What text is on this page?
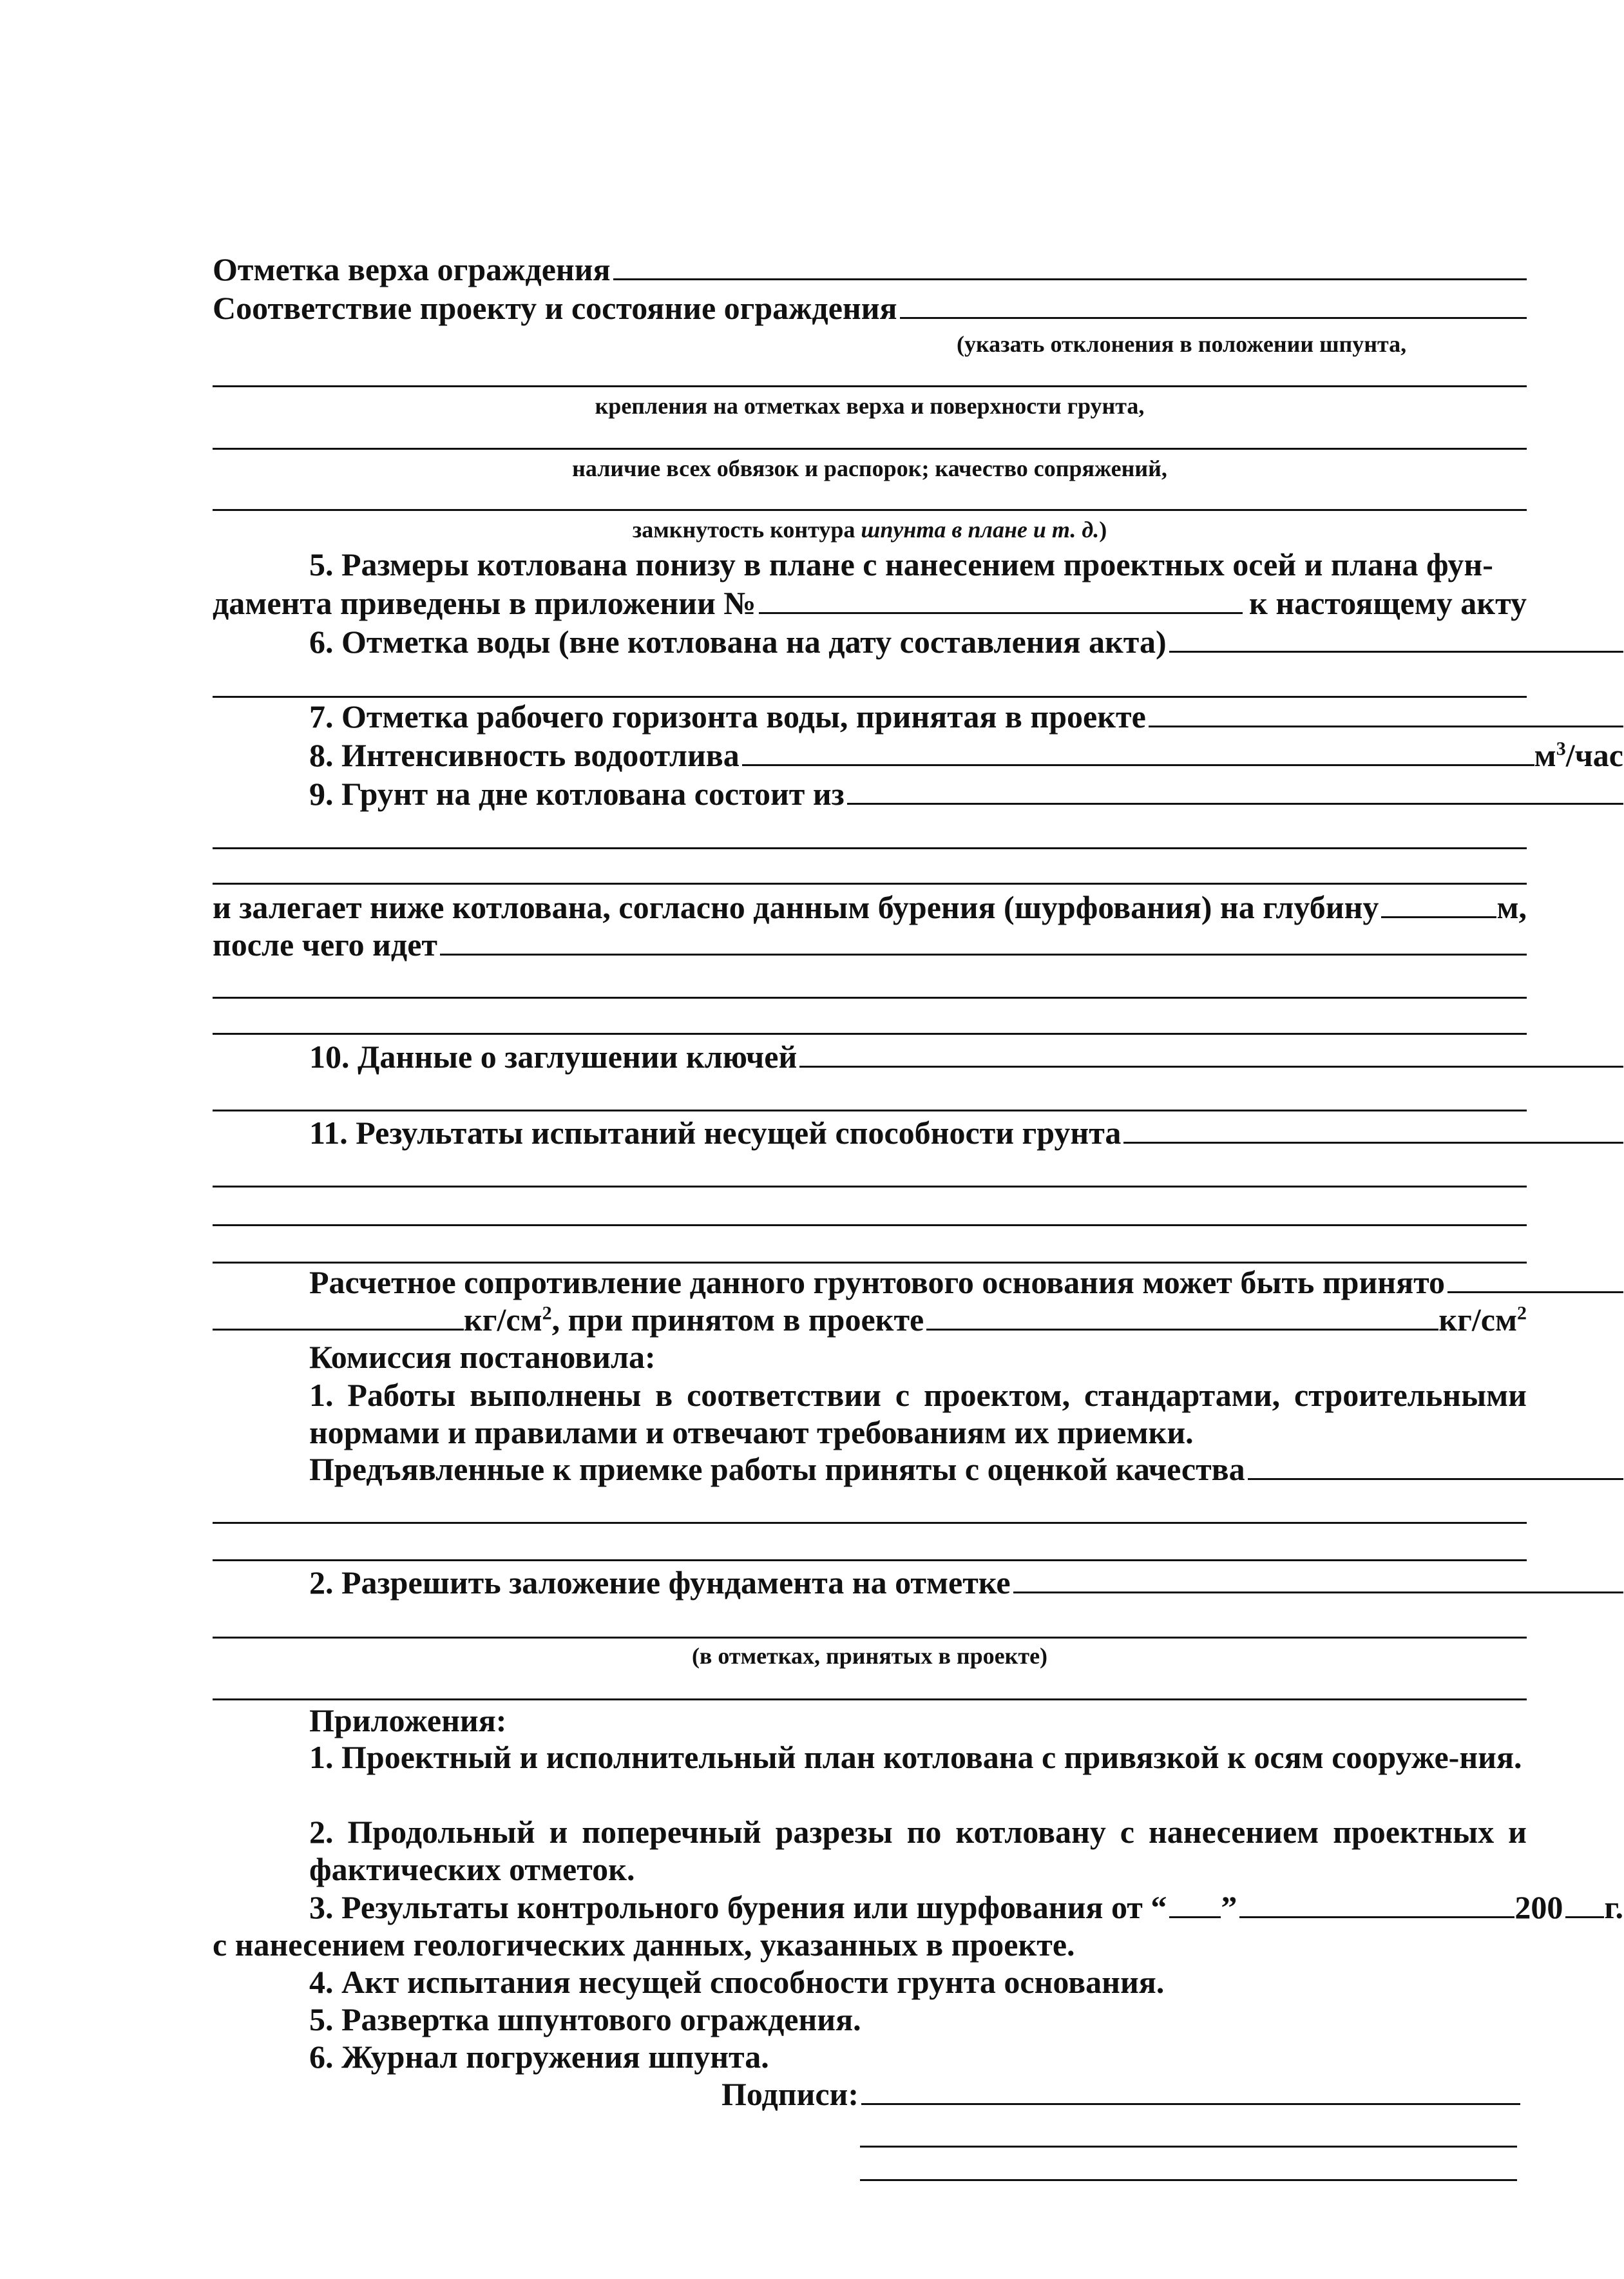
Отметка верха ограждения
Соответствие проекту и состояние ограждения
(указать отклонения в положении шпунта,
крепления на отметках верха и поверхности грунта,
наличие всех обвязок и распорок; качество сопряжений,
замкнутость контура шпунта в плане и т. д.)
5. Размеры котлована понизу в плане с нанесением проектных осей и плана фун-
дамента приведены в приложении №	к настоящему акту
6. Отметка воды (вне котлована на дату составления акта)
7. Отметка рабочего горизонта воды, принятая в проекте
8. Интенсивность водоотлива	$м^3$/час
9. Грунт на дне котлована состоит из
и залегает ниже котлована, согласно данным бурения (шурфования) на глубину	м,
после чего идет
10. Данные о заглушении ключей
11. Результаты испытаний несущей способности грунта
Расчетное сопротивление данного грунтового основания может быть принято
$кг/см^2$ , при принятом в проекте	$кг/см^2$
Комиссия постановила:
1. Работы выполнены в соответствии с проектом, стандартами, строительными нормами и правилами и отвечают требованиям их приемки.
Предъявленные к приемке работы приняты с оценкой качества
2. Разрешить заложение фундамента на отметке
(в отметках, принятых в проекте)
Приложения:
1. Проектный и исполнительный план котлована с привязкой к осям сооруже-ния.
2. Продольный и поперечный разрезы по котловану с нанесением проектных и фактических отметок.
3. Результаты контрольного бурения или шурфования от “ ”	200 г.
с нанесением геологических данных, указанных в проекте.
4. Акт испытания несущей способности грунта основания.
5. Развертка шпунтового ограждения.
6. Журнал погружения шпунта.
Подписи:
